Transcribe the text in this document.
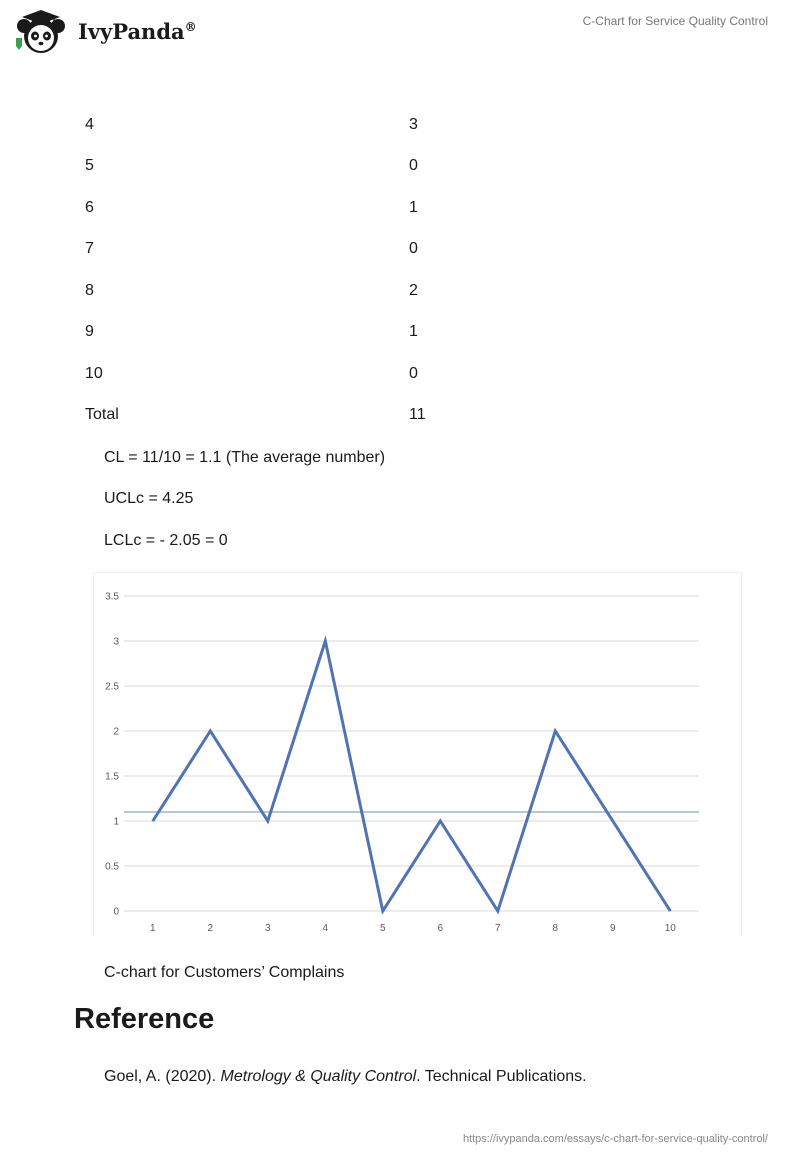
IvyPanda®	C-Chart for Service Quality Control
4	3
5	0
6	1
7	0
8	2
9	1
10	0
Total	11
CL = 11/10 = 1.1 (The average number)
UCLc = 4.25
LCLc = - 2.05 = 0
0
0.5
1
1.5
2
2.5
3
3.5
1	2	3	4	5	6	7	8	9	10
C-chart for Customers’ Complains
Reference
Goel, A. (2020). Metrology & Quality Control. Technical Publications.
https://ivypanda.com/essays/c-chart-for-service-quality-control/
